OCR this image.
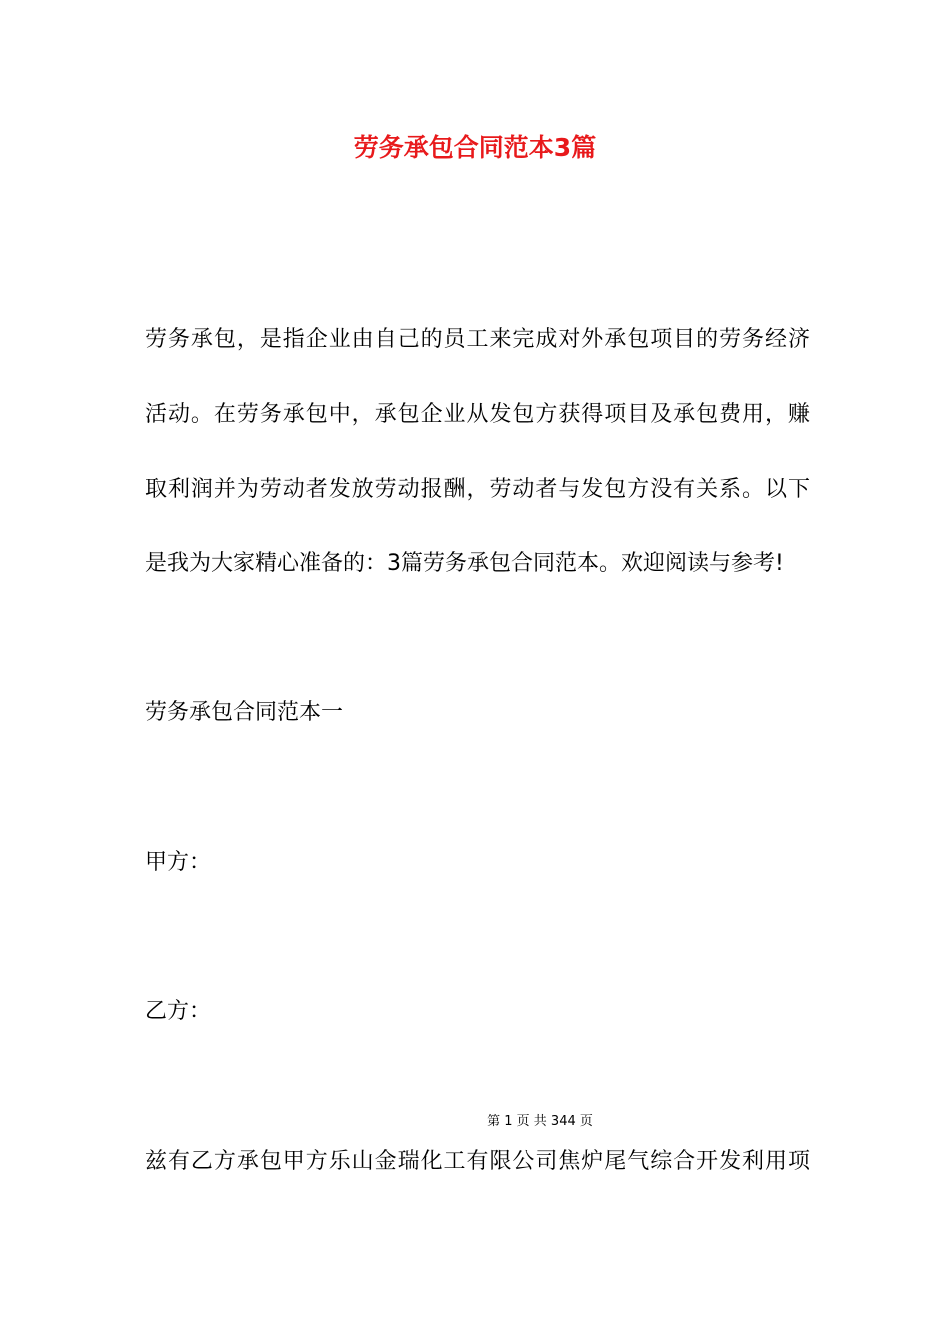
劳务承包合同范本3篇
劳务承包，是指企业由自己的员工来完成对外承包项目的劳务经济
活动。在劳务承包中，承包企业从发包方获得项目及承包费用，赚
取利润并为劳动者发放劳动报酬，劳动者与发包方没有关系。以下
是我为大家精心准备的：3篇劳务承包合同范本。欢迎阅读与参考!
劳务承包合同范本一
甲方：
乙方：
第 1 页 共 344 页
兹有乙方承包甲方乐山金瑞化工有限公司焦炉尾气综合开发利用项
